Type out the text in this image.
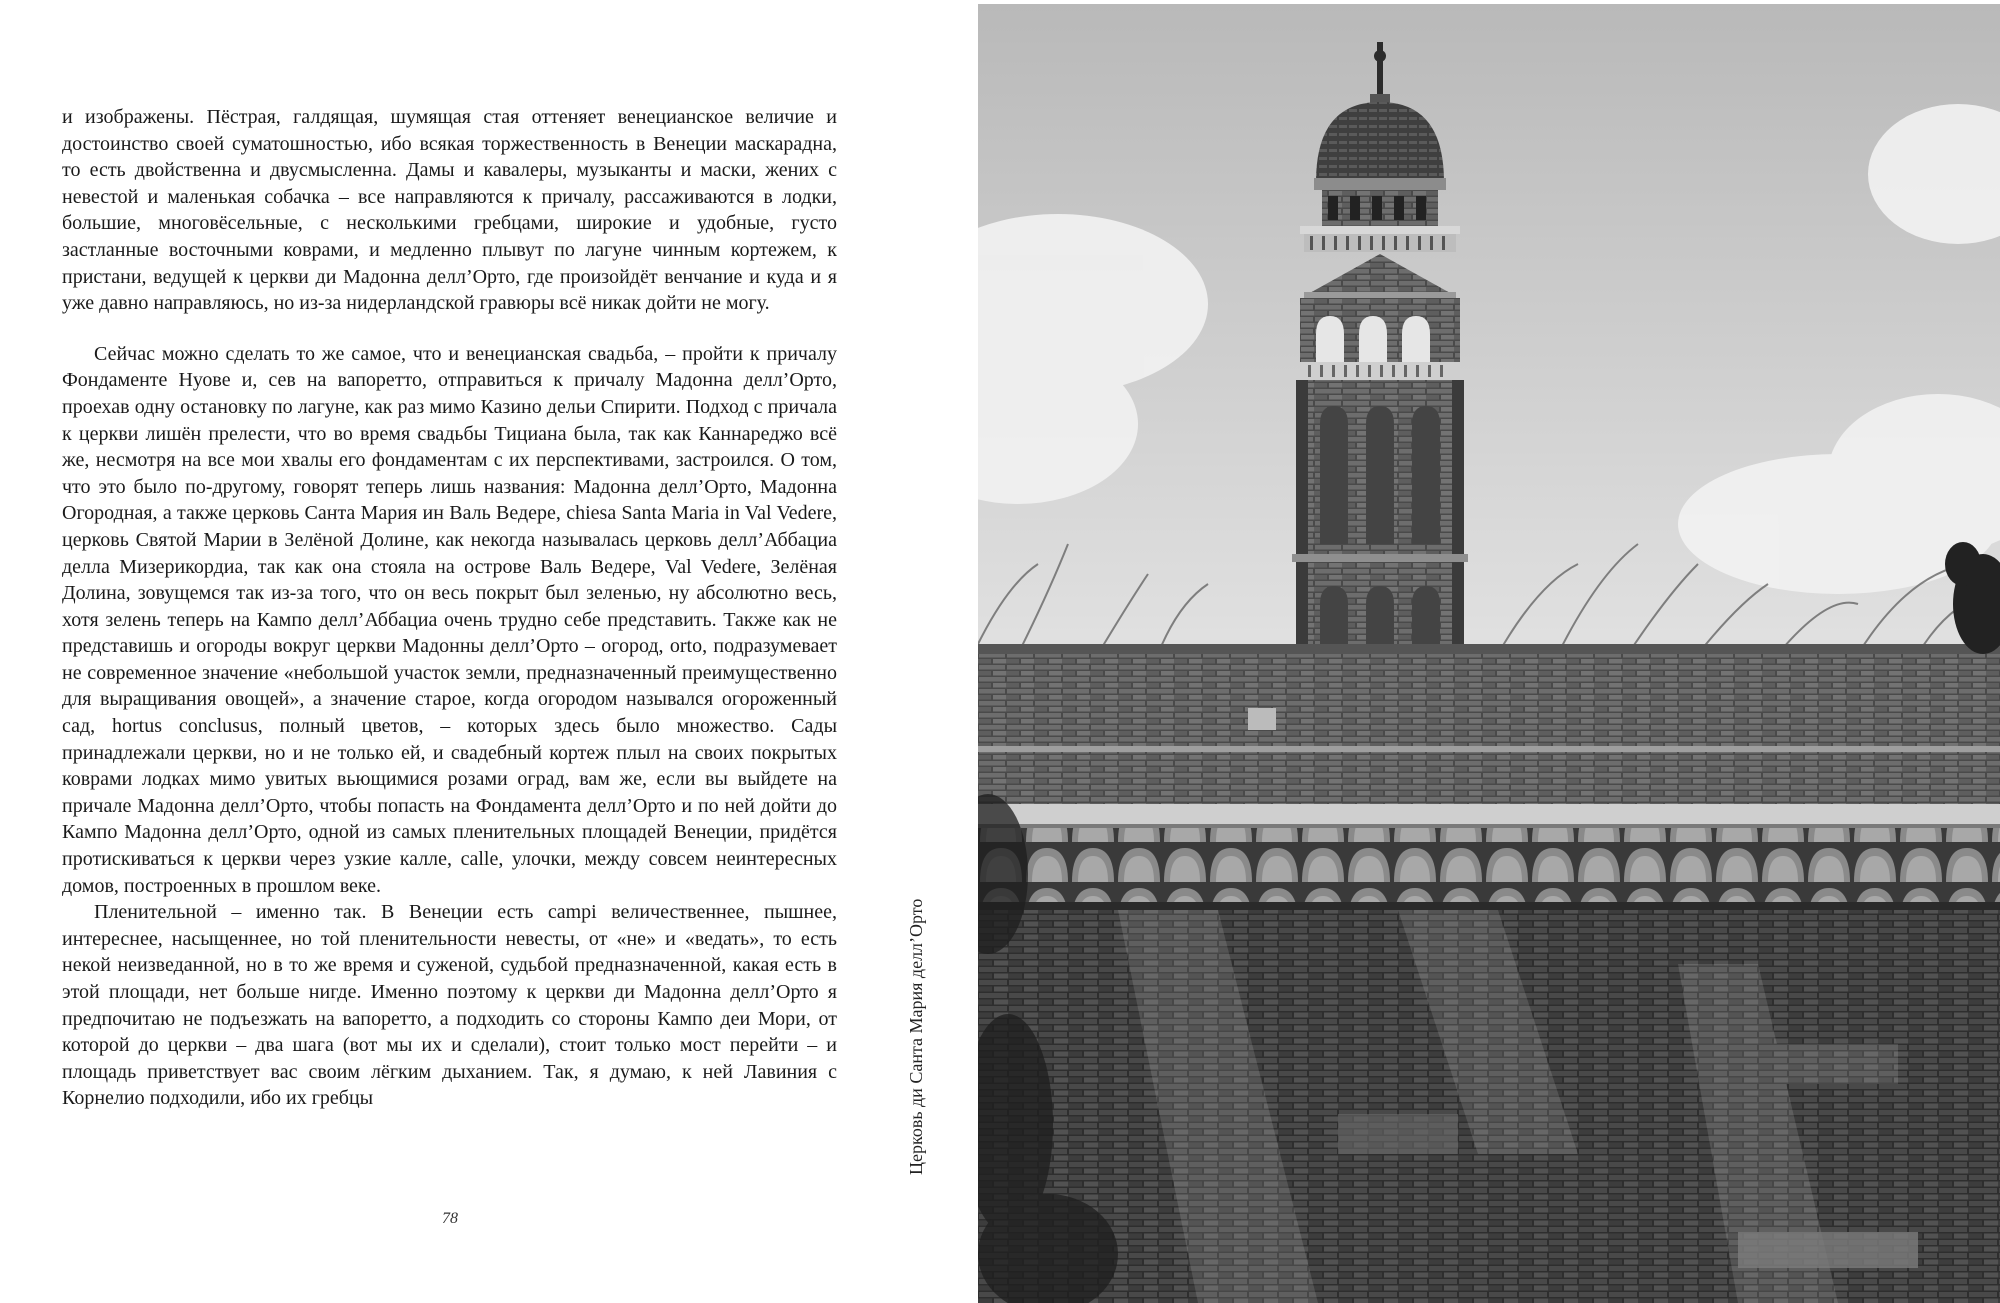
и изображены. Пёстрая, галдящая, шумящая стая оттеняет венецианское величие и достоинство своей суматошностью, ибо всякая торжественность в Венеции маскарадна, то есть двойственна и двусмысленна. Дамы и кавалеры, музыканты и маски, жених с невестой и маленькая собачка – все направляются к причалу, рассаживаются в лодки, большие, многовёсельные, с несколькими гребцами, широкие и удобные, густо застланные восточными коврами, и медленно плывут по лагуне чинным кортежем, к пристани, ведущей к церкви ди Мадонна делл’Орто, где произойдёт венчание и куда и я уже давно направляюсь, но из-за нидерландской гравюры всё никак дойти не могу.

Сейчас можно сделать то же самое, что и венецианская свадьба, – пройти к причалу Фондаменте Нуове и, сев на вапоретто, отправиться к причалу Мадонна делл’Орто, проехав одну остановку по лагуне, как раз мимо Казино дельи Спирити. Подход с причала к церкви лишён прелести, что во время свадьбы Тициана была, так как Каннареджо всё же, несмотря на все мои хвалы его фондаментам с их перспективами, застроился. О том, что это было по-другому, говорят теперь лишь названия: Мадонна делл’Орто, Мадонна Огородная, а также церковь Санта Мария ин Валь Ведере, chiesa Santa Maria in Val Vedere, церковь Святой Марии в Зелёной Долине, как некогда называлась церковь делл’Аббациа делла Мизерикордиа, так как она стояла на острове Валь Ведере, Val Vedere, Зелёная Долина, зовущемся так из-за того, что он весь покрыт был зеленью, ну абсолютно весь, хотя зелень теперь на Кампо делл’Аббациа очень трудно себе представить. Также как не представишь и огороды вокруг церкви Мадонны делл’Орто – огород, orto, подразумевает не современное значение «небольшой участок земли, предназначенный преимущественно для выращивания овощей», а значение старое, когда огородом назывался огороженный сад, hortus conclusus, полный цветов, – которых здесь было множество. Сады принадлежали церкви, но и не только ей, и свадебный кортеж плыл на своих покрытых коврами лодках мимо увитых вьющимися розами оград, вам же, если вы выйдете на причале Мадонна делл’Орто, чтобы попасть на Фондамента делл’Орто и по ней дойти до Кампо Мадонна делл’Орто, одной из самых пленительных площадей Венеции, придётся протискиваться к церкви через узкие калле, calle, улочки, между совсем неинтересных домов, построенных в прошлом веке.

Пленительной – именно так. В Венеции есть campi величественнее, пышнее, интереснее, насыщеннее, но той пленительности невесты, от «не» и «ведать», то есть некой неизведанной, но в то же время и суженой, судьбой предназначенной, какая есть в этой площади, нет больше нигде. Именно поэтому к церкви ди Мадонна делл’Орто я предпочитаю не подъезжать на вапоретто, а подходить со стороны Кампо деи Мори, от которой до церкви – два шага (вот мы их и сделали), стоит только мост перейти – и площадь приветствует вас своим лёгким дыханием. Так, я думаю, к ней Лавиния с Корнелио подходили, ибо их гребцы

78
Церковь ди Санта Мария делл’Орто
